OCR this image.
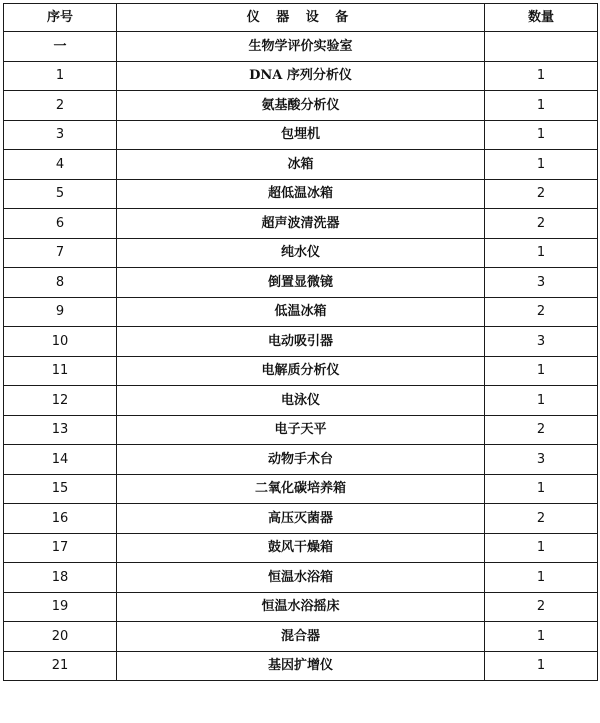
序号	仪 器 设 备	数量
一	生物学评价实验室	
1	DNA 序列分析仪	1
2	氨基酸分析仪	1
3	包埋机	1
4	冰箱	1
5	超低温冰箱	2
6	超声波清洗器	2
7	纯水仪	1
8	倒置显微镜	3
9	低温冰箱	2
10	电动吸引器	3
11	电解质分析仪	1
12	电泳仪	1
13	电子天平	2
14	动物手术台	3
15	二氧化碳培养箱	1
16	高压灭菌器	2
17	鼓风干燥箱	1
18	恒温水浴箱	1
19	恒温水浴摇床	2
20	混合器	1
21	基因扩增仪	1
